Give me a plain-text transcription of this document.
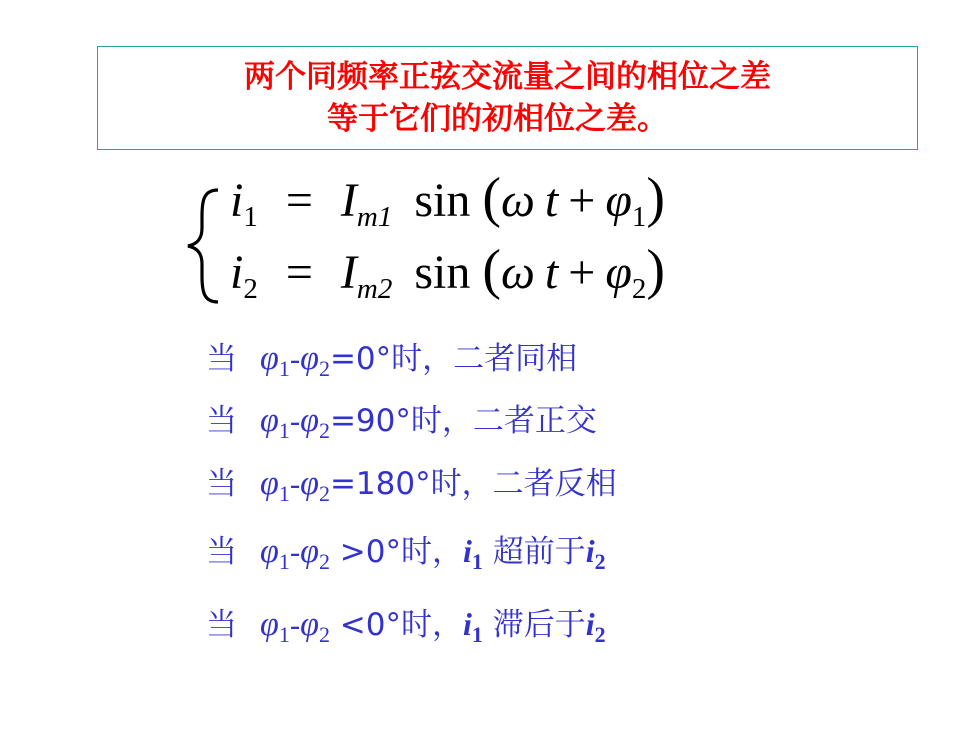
两个同频率正弦交流量之间的相位之差
等于它们的初相位之差。
$i_1 = I_{m1}$ sin (ω $t + \varphi_1$)
$i_2 = I_{m2}$ sin (ω $t + \varphi_2$)
当 $\varphi_1-\varphi_2=0^\circ$时，二者同相
当 $\varphi_1-\varphi_2=90^\circ$时，二者正交
当 $\varphi_1-\varphi_2=180^\circ$时，二者反相
当 $\varphi_1-\varphi_2 >0^\circ$时，$i_1$ 超前于$i_2$
当 $\varphi_1-\varphi_2 <0^\circ$时，$i_1$ 滞后于$i_2$
